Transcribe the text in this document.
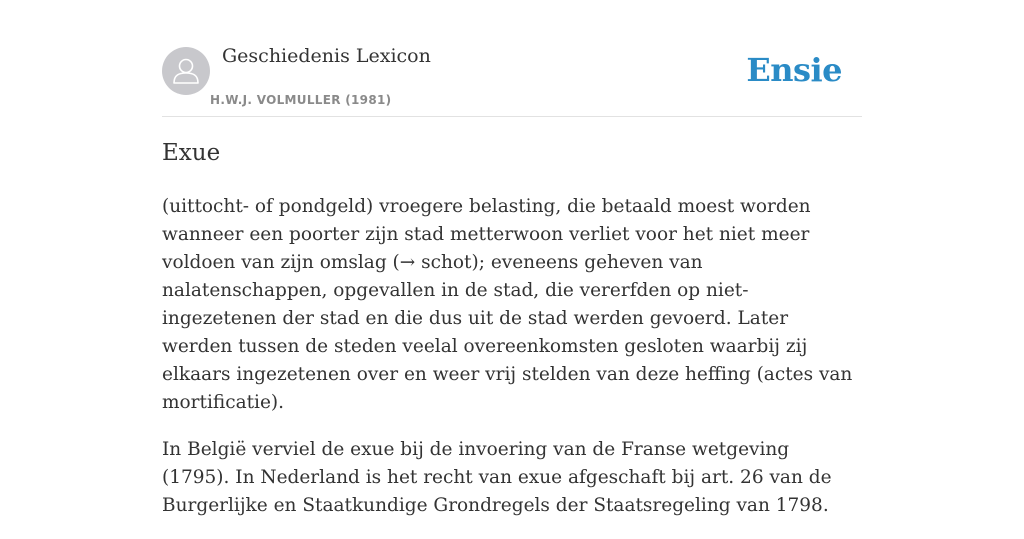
Geschiedenis Lexicon
H.W.J. VOLMULLER (1981)
Ensie
Exue

(uittocht- of pondgeld) vroegere belasting, die betaald moest worden wanneer een poorter zijn stad metterwoon verliet voor het niet meer voldoen van zijn omslag (→ schot); eveneens geheven van nalatenschappen, opgevallen in de stad, die vererfden op niet-ingezetenen der stad en die dus uit de stad werden gevoerd. Later werden tussen de steden veelal overeenkomsten gesloten waarbij zij elkaars ingezetenen over en weer vrij stelden van deze heffing (actes van mortificatie).

In België verviel de exue bij de invoering van de Franse wetgeving (1795). In Nederland is het recht van exue afgeschaft bij art. 26 van de Burgerlijke en Staatkundige Grondregels der Staatsregeling van 1798.
